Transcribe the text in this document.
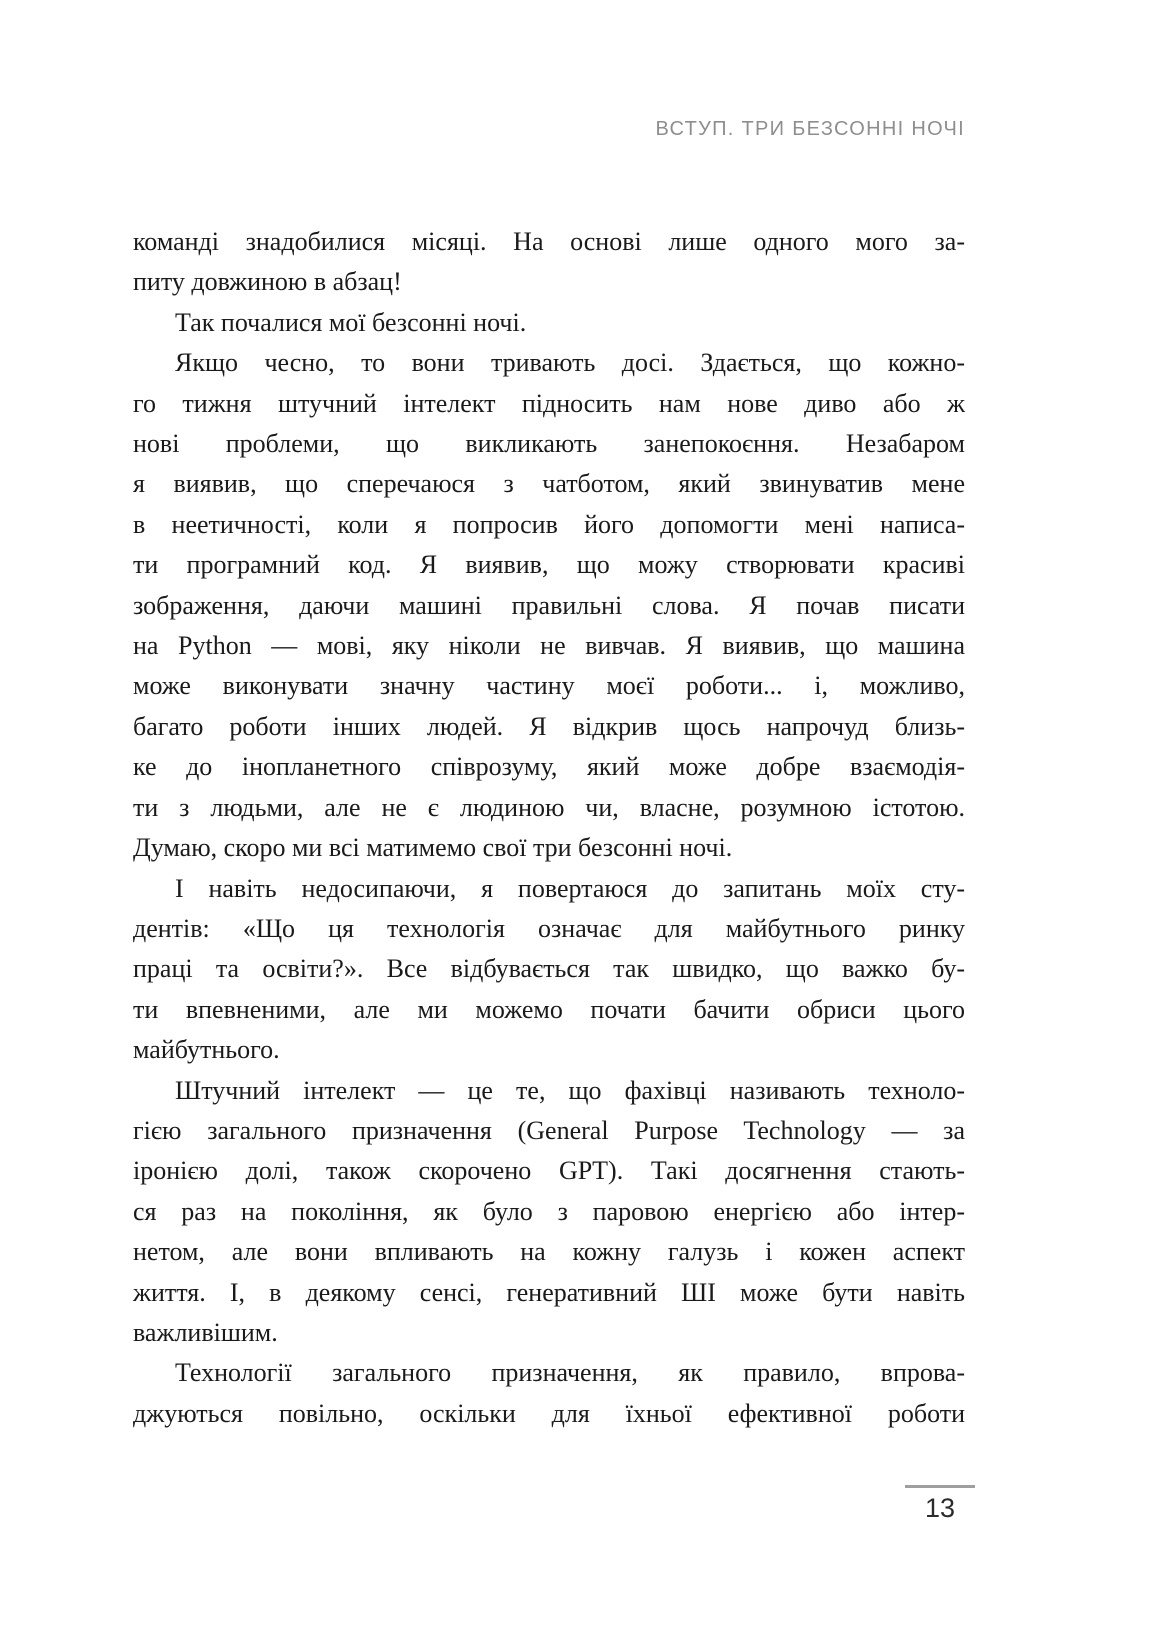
ВСТУП. ТРИ БЕЗСОННІ НОЧІ
команді знадобилися місяці. На основі лише одного мого за-
питу довжиною в абзац!
Так почалися мої безсонні ночі.
Якщо чесно, то вони тривають досі. Здається, що кожно-
го тижня штучний інтелект підносить нам нове диво або ж
нові проблеми, що викликають занепокоєння. Незабаром
я виявив, що сперечаюся з чатботом, який звинуватив мене
в неетичності, коли я попросив його допомогти мені написа-
ти програмний код. Я виявив, що можу створювати красиві
зображення, даючи машині правильні слова. Я почав писати
на Python — мові, яку ніколи не вивчав. Я виявив, що машина
може виконувати значну частину моєї роботи... і, можливо,
багато роботи інших людей. Я відкрив щось напрочуд близь-
ке до інопланетного співрозуму, який може добре взаємодія-
ти з людьми, але не є людиною чи, власне, розумною істотою.
Думаю, скоро ми всі матимемо свої три безсонні ночі.
І навіть недосипаючи, я повертаюся до запитань моїх сту-
дентів: «Що ця технологія означає для майбутнього ринку
праці та освіти?». Все відбувається так швидко, що важко бу-
ти впевненими, але ми можемо почати бачити обриси цього
майбутнього.
Штучний інтелект — це те, що фахівці називають техноло-
гією загального призначення (General Purpose Technology — за
іронією долі, також скорочено GPT). Такі досягнення стають-
ся раз на покоління, як було з паровою енергією або інтер-
нетом, але вони впливають на кожну галузь і кожен аспект
життя. І, в деякому сенсі, генеративний ШІ може бути навіть
важливішим.
Технології загального призначення, як правило, впрова-
джуються повільно, оскільки для їхньої ефективної роботи
13
